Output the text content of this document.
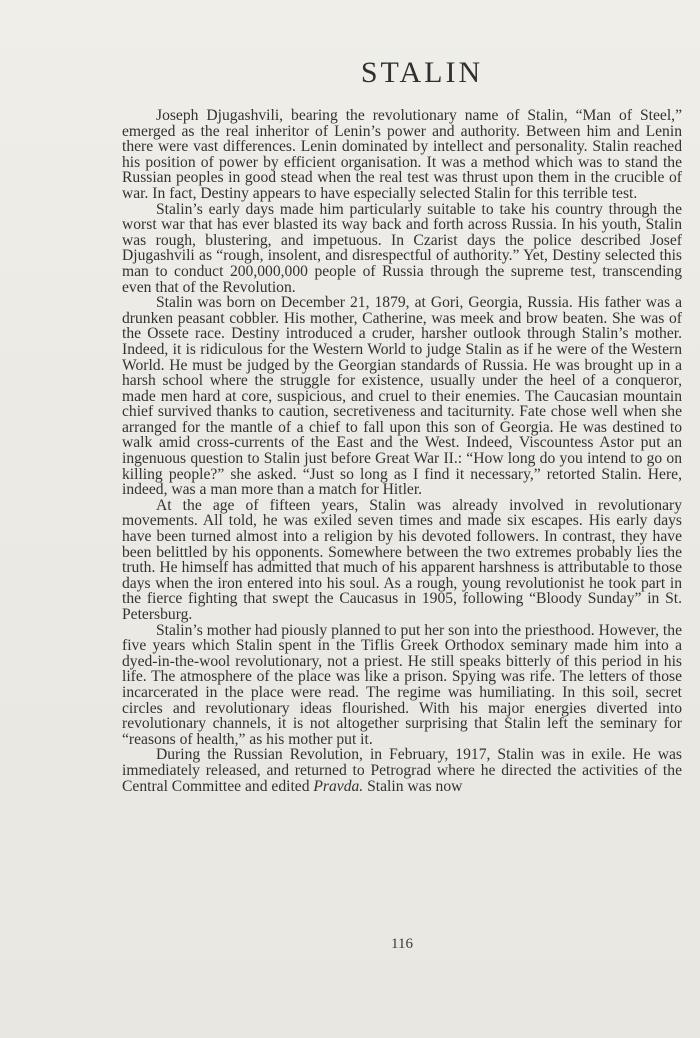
STALIN

Joseph Djugashvili, bearing the revolutionary name of Stalin, “Man of Steel,” emerged as the real inheritor of Lenin’s power and authority. Between him and Lenin there were vast differences. Lenin dominated by intellect and personality. Stalin reached his position of power by efficient organisation. It was a method which was to stand the Russian peoples in good stead when the real test was thrust upon them in the crucible of war. In fact, Destiny appears to have especially selected Stalin for this terrible test.

Stalin’s early days made him particularly suitable to take his country through the worst war that has ever blasted its way back and forth across Russia. In his youth, Stalin was rough, blustering, and impetuous. In Czarist days the police described Josef Djugashvili as “rough, insolent, and disrespectful of authority.” Yet, Destiny selected this man to conduct 200,000,000 people of Russia through the supreme test, transcending even that of the Revolution.

Stalin was born on December 21, 1879, at Gori, Georgia, Russia. His father was a drunken peasant cobbler. His mother, Catherine, was meek and brow beaten. She was of the Ossete race. Destiny introduced a cruder, harsher outlook through Stalin’s mother. Indeed, it is ridiculous for the Western World to judge Stalin as if he were of the Western World. He must be judged by the Georgian standards of Russia. He was brought up in a harsh school where the struggle for existence, usually under the heel of a conqueror, made men hard at core, suspicious, and cruel to their enemies. The Caucasian mountain chief survived thanks to caution, secretiveness and taciturnity. Fate chose well when she arranged for the mantle of a chief to fall upon this son of Georgia. He was destined to walk amid cross-currents of the East and the West. Indeed, Viscountess Astor put an ingenuous question to Stalin just before Great War II.: “How long do you intend to go on killing people?” she asked. “Just so long as I find it necessary,” retorted Stalin. Here, indeed, was a man more than a match for Hitler.

At the age of fifteen years, Stalin was already involved in revolutionary movements. All told, he was exiled seven times and made six escapes. His early days have been turned almost into a religion by his devoted followers. In contrast, they have been belittled by his opponents. Somewhere between the two extremes probably lies the truth. He himself has admitted that much of his apparent harshness is attributable to those days when the iron entered into his soul. As a rough, young revolutionist he took part in the fierce fighting that swept the Caucasus in 1905, following “Bloody Sunday” in St. Petersburg.

Stalin’s mother had piously planned to put her son into the priesthood. However, the five years which Stalin spent in the Tiflis Greek Orthodox seminary made him into a dyed-in-the-wool revolutionary, not a priest. He still speaks bitterly of this period in his life. The atmosphere of the place was like a prison. Spying was rife. The letters of those incarcerated in the place were read. The regime was humiliating. In this soil, secret circles and revolutionary ideas flourished. With his major energies diverted into revolutionary channels, it is not altogether surprising that Stalin left the seminary for “reasons of health,” as his mother put it.

During the Russian Revolution, in February, 1917, Stalin was in exile. He was immediately released, and returned to Petrograd where he directed the activities of the Central Committee and edited Pravda. Stalin was now

116
